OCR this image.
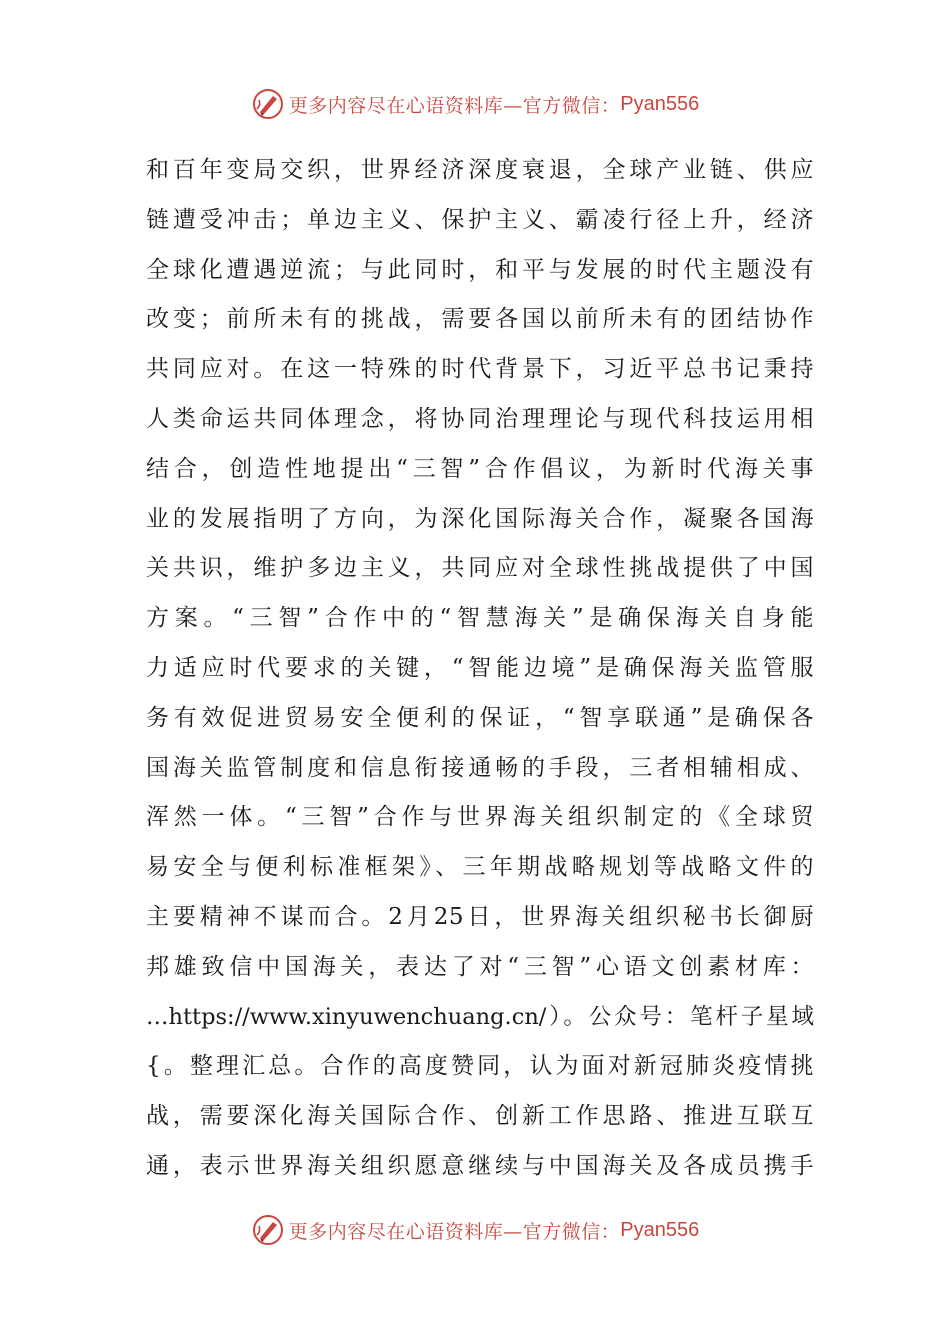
更多内容尽在心语资料库—官方微信： Pyan556
和百年变局交织，世界经济深度衰退，全球产业链、供应
链遭受冲击；单边主义、保护主义、霸凌行径上升，经济
全球化遭遇逆流；与此同时，和平与发展的时代主题没有
改变；前所未有的挑战，需要各国以前所未有的团结协作
共同应对。在这一特殊的时代背景下，习近平总书记秉持
人类命运共同体理念，将协同治理理论与现代科技运用相
结合，创造性地提出“三智”合作倡议，为新时代海关事
业的发展指明了方向，为深化国际海关合作，凝聚各国海
关共识，维护多边主义，共同应对全球性挑战提供了中国
方案。“三智”合作中的“智慧海关”是确保海关自身能
力适应时代要求的关键，“智能边境”是确保海关监管服
务有效促进贸易安全便利的保证，“智享联通”是确保各
国海关监管制度和信息衔接通畅的手段，三者相辅相成、
浑然一体。“三智”合作与世界海关组织制定的《全球贸
易安全与便利标准框架》、三年期战略规划等战略文件的
主要精神不谋而合。2月25日，世界海关组织秘书长御厨
邦雄致信中国海关，表达了对“三智”心语文创素材库：
…https://www.xinyuwenchuang.cn/）。公众号：笔杆子星域
{。整理汇总。合作的高度赞同，认为面对新冠肺炎疫情挑
战，需要深化海关国际合作、创新工作思路、推进互联互
通，表示世界海关组织愿意继续与中国海关及各成员携手
更多内容尽在心语资料库—官方微信： Pyan556
